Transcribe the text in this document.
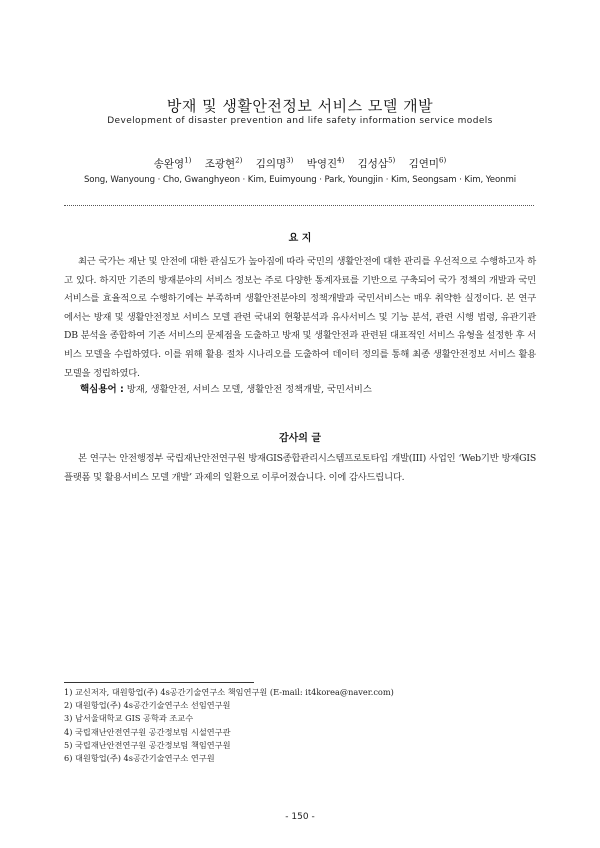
방재 및 생활안전정보 서비스 모델 개발
Development of disaster prevention and life safety information service models
송완영$^{1)}$ 조광현$^{2)}$ 김의명$^{3)}$ 박영진$^{4)}$ 김성삼$^{5)}$ 김연미$^{6)}$
Song, Wanyoung · Cho, Gwanghyeon · Kim, Euimyoung · Park, Youngjin · Kim, Seongsam · Kim, Yeonmi
요 지
최근 국가는 재난 및 안전에 대한 관심도가 높아짐에 따라 국민의 생활안전에 대한 관리를 우선적으로 수행하고자 하고 있다. 하지만 기존의 방재분야의 서비스 정보는 주로 다양한 통계자료를 기반으로 구축되어 국가 정책의 개발과 국민 서비스를 효율적으로 수행하기에는 부족하며 생활안전분야의 정책개발과 국민서비스는 매우 취약한 실정이다. 본 연구에서는 방재 및 생활안전정보 서비스 모델 관련 국내외 현황분석과 유사서비스 및 기능 분석, 관련 시행 법령, 유관기관 DB 분석을 종합하여 기존 서비스의 문제점을 도출하고 방재 및 생활안전과 관련된 대표적인 서비스 유형을 설정한 후 서비스 모델을 수립하였다. 이를 위해 활용 절차 시나리오를 도출하여 데이터 정의를 통해 최종 생활안전정보 서비스 활용 모델을 정립하였다.
핵심용어 : 방재, 생활안전, 서비스 모델, 생활안전 정책개발, 국민서비스
감사의 글
본 연구는 안전행정부 국립재난안전연구원 방재GIS종합관리시스템프로토타입 개발(III) 사업인 ‘Web기반 방재GIS 플랫폼 및 활용서비스 모델 개발’ 과제의 일환으로 이루어졌습니다. 이에 감사드립니다.
1) 교신저자, 대원항업(주) 4s공간기술연구소 책임연구원 (E-mail: it4korea@naver.com)
2) 대원항업(주) 4s공간기술연구소 선임연구원
3) 남서울대학교 GIS 공학과 조교수
4) 국립재난안전연구원 공간정보팀 시설연구관
5) 국립재난안전연구원 공간정보팀 책임연구원
6) 대원항업(주) 4s공간기술연구소 연구원
- 150 -
